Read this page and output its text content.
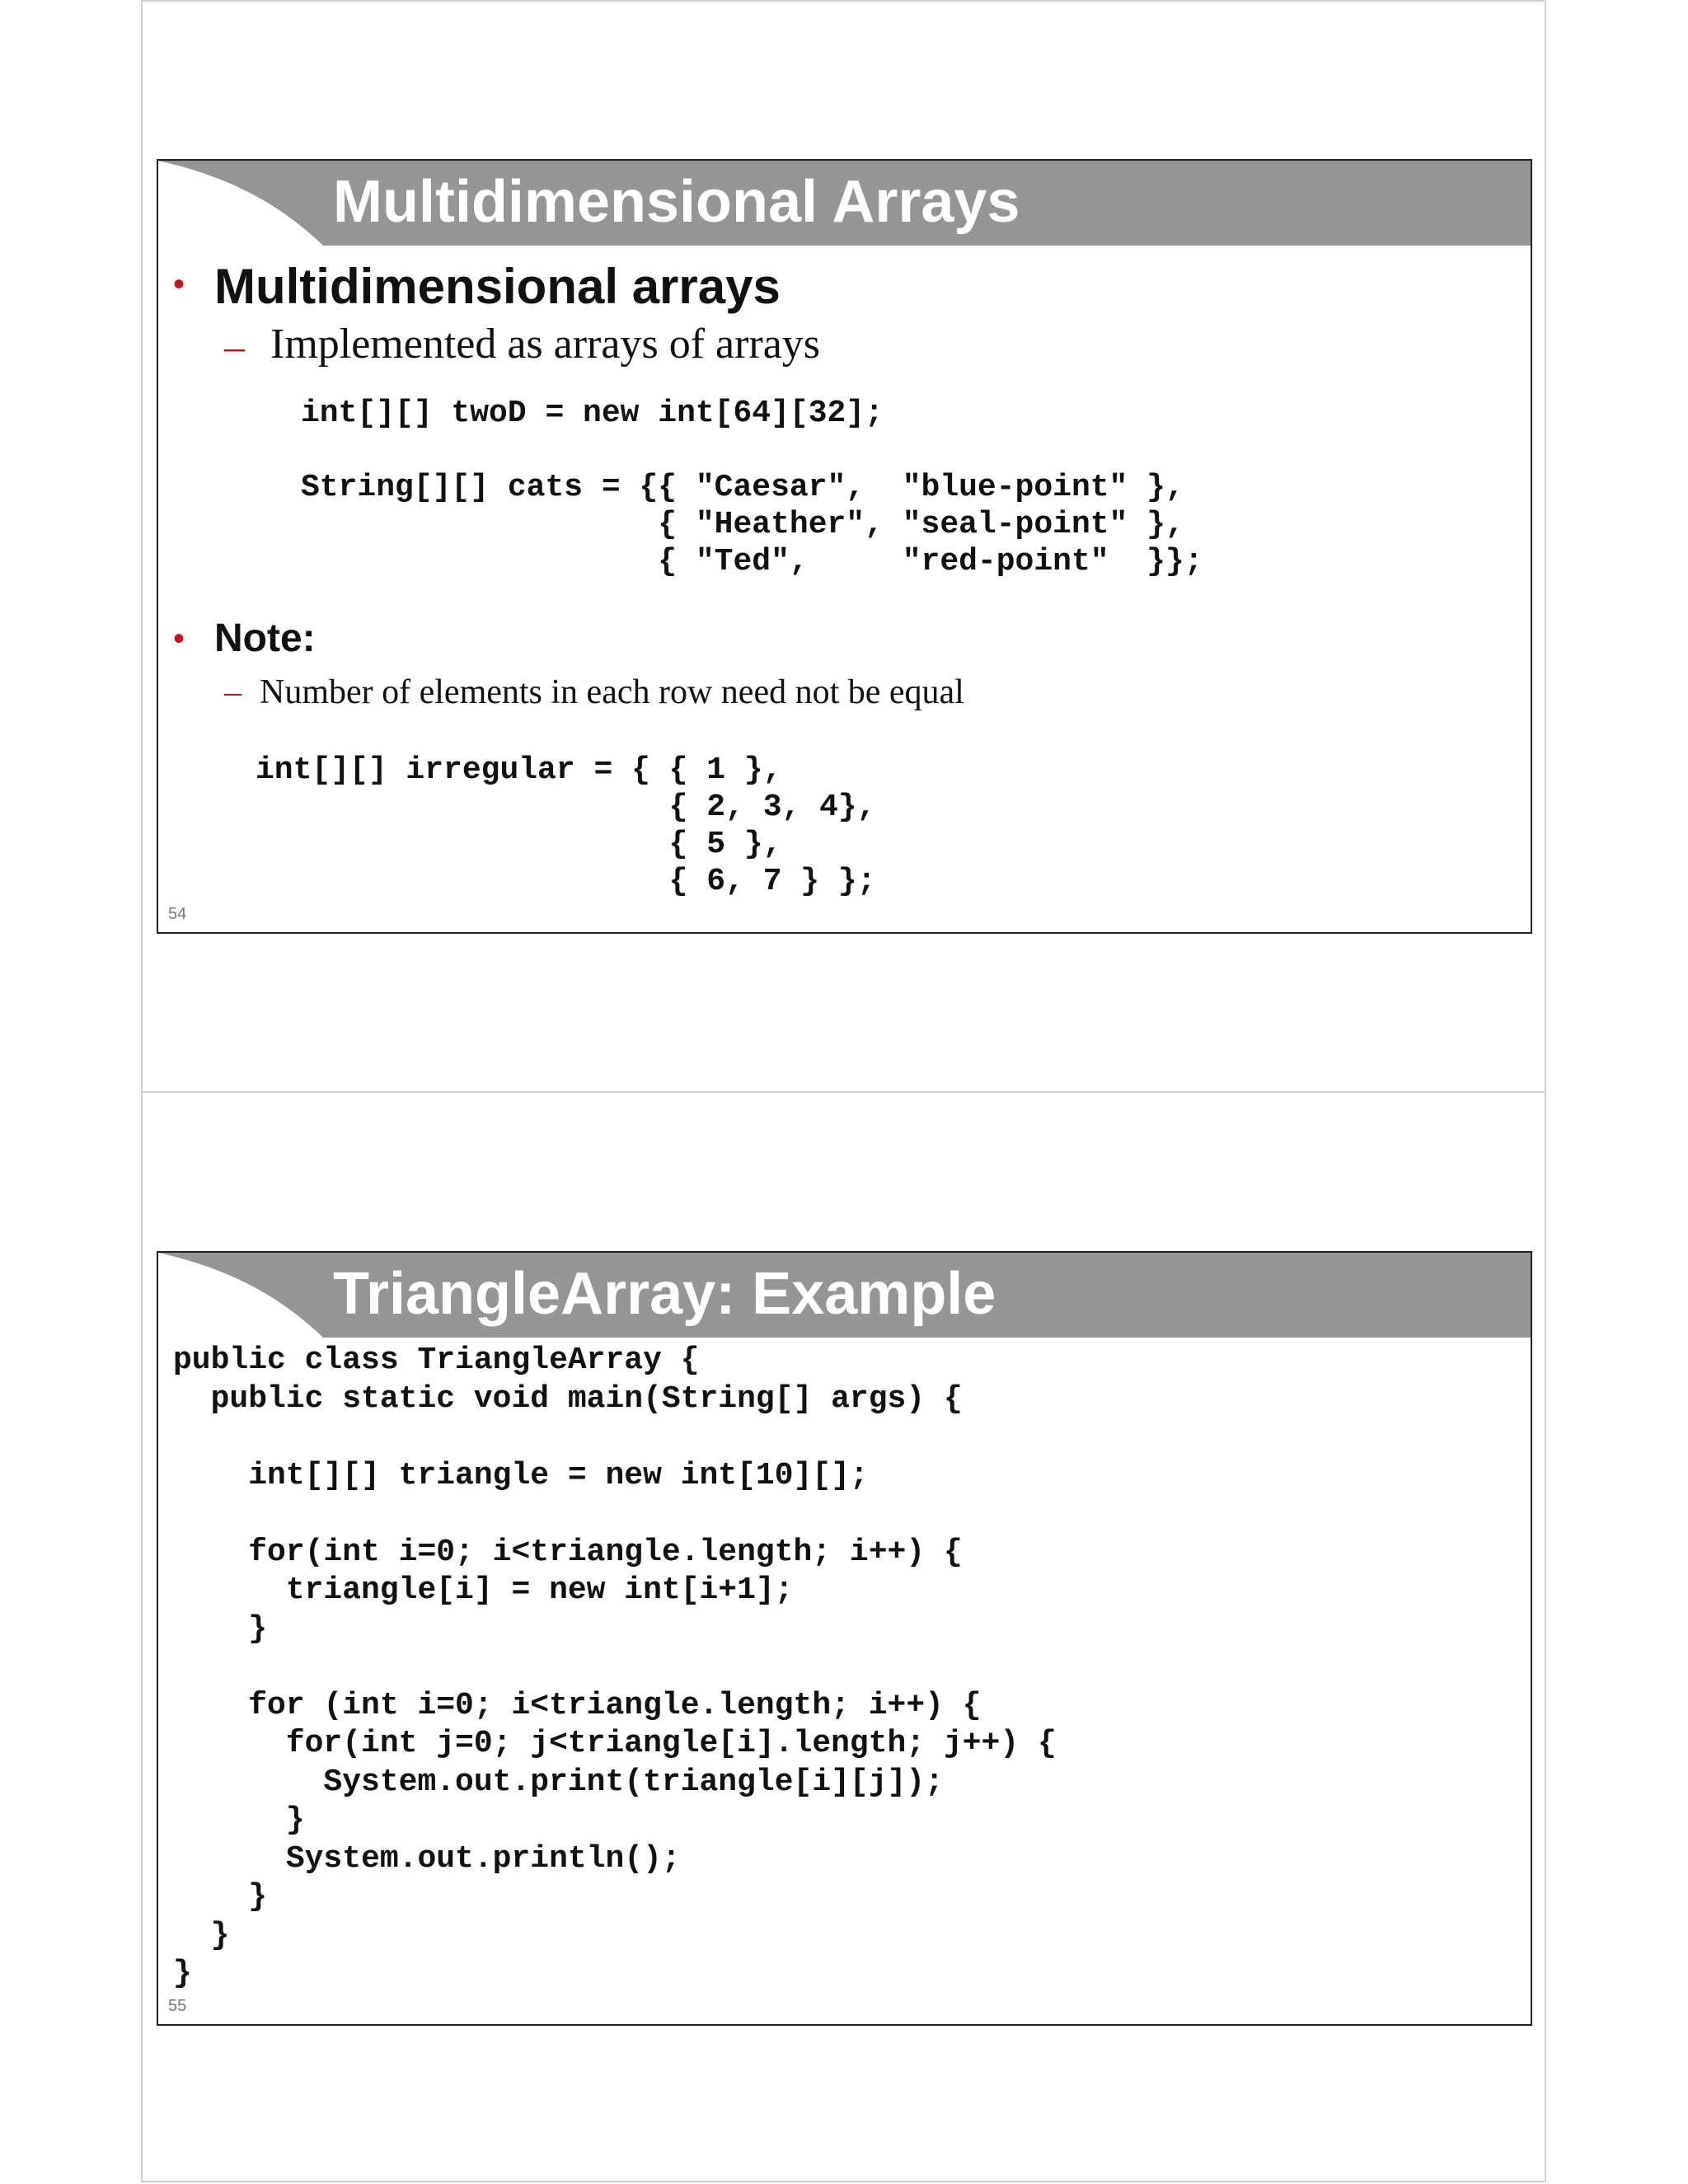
Multidimensional Arrays
• Multidimensional arrays
– Implemented as arrays of arrays
int[][] twoD = new int[64][32];

String[][] cats = {{ "Caesar",  "blue-point" },
{ "Heather", "seal-point" },
{ "Ted",     "red-point"  }};
• Note:
– Number of elements in each row need not be equal
int[][] irregular = { { 1 },
{ 2, 3, 4},
{ 5 },
{ 6, 7 } };
54
TriangleArray: Example
public class TriangleArray {
public static void main(String[] args) {

int[][] triangle = new int[10][];

for(int i=0; i<triangle.length; i++) {
triangle[i] = new int[i+1];
}

for (int i=0; i<triangle.length; i++) {
for(int j=0; j<triangle[i].length; j++) {
System.out.print(triangle[i][j]);
}
System.out.println();
}
}
}
55
